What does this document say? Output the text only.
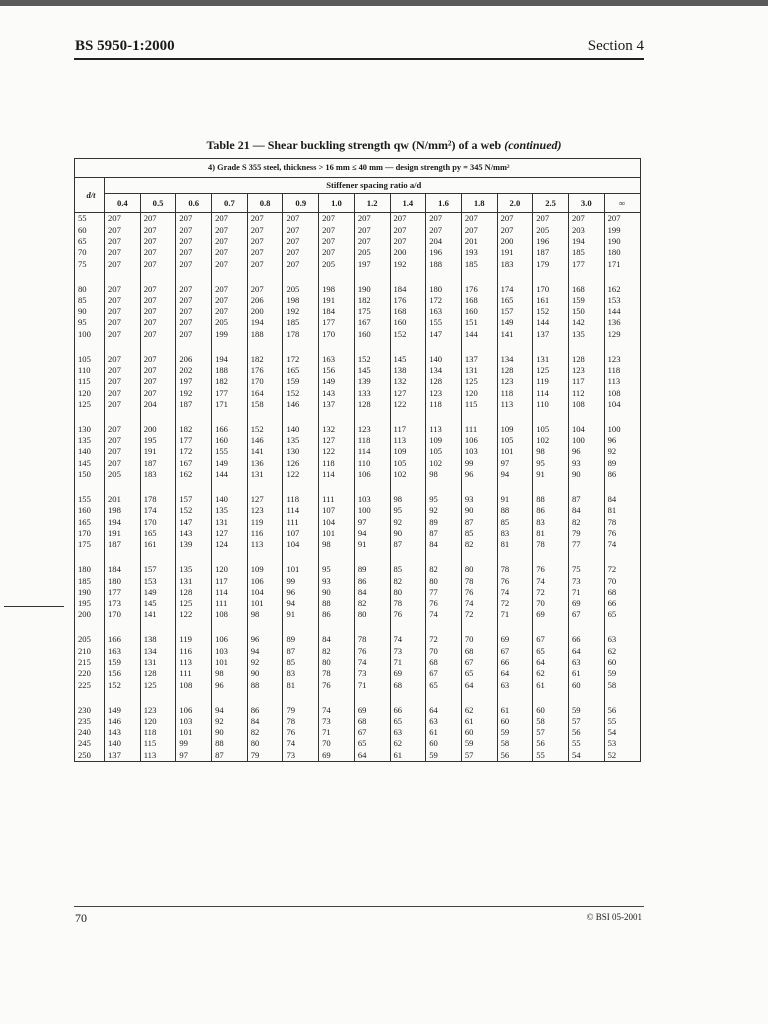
BS 5950-1:2000	Section 4
Table 21 — Shear buckling strength qw (N/mm²) of a web (continued)
4) Grade S 355 steel, thickness > 16 mm ≤ 40 mm — design strength py = 345 N/mm²															
d/t	Stiffener spacing ratio a/d														
	0.4	0.5	0.6	0.7	0.8	0.9	1.0	1.2	1.4	1.6	1.8	2.0	2.5	3.0	∞
55	207	207	207	207	207	207	207	207	207	207	207	207	207	207	207
60	207	207	207	207	207	207	207	207	207	207	207	207	205	203	199
65	207	207	207	207	207	207	207	207	207	204	201	200	196	194	190
70	207	207	207	207	207	207	207	205	200	196	193	191	187	185	180
75	207	207	207	207	207	207	205	197	192	188	185	183	179	177	171

80	207	207	207	207	207	205	198	190	184	180	176	174	170	168	162
85	207	207	207	207	206	198	191	182	176	172	168	165	161	159	153
90	207	207	207	207	200	192	184	175	168	163	160	157	152	150	144
95	207	207	207	205	194	185	177	167	160	155	151	149	144	142	136
100	207	207	207	199	188	178	170	160	152	147	144	141	137	135	129

105	207	207	206	194	182	172	163	152	145	140	137	134	131	128	123
110	207	207	202	188	176	165	156	145	138	134	131	128	125	123	118
115	207	207	197	182	170	159	149	139	132	128	125	123	119	117	113
120	207	207	192	177	164	152	143	133	127	123	120	118	114	112	108
125	207	204	187	171	158	146	137	128	122	118	115	113	110	108	104

130	207	200	182	166	152	140	132	123	117	113	111	109	105	104	100
135	207	195	177	160	146	135	127	118	113	109	106	105	102	100	96
140	207	191	172	155	141	130	122	114	109	105	103	101	98	96	92
145	207	187	167	149	136	126	118	110	105	102	99	97	95	93	89
150	205	183	162	144	131	122	114	106	102	98	96	94	91	90	86

155	201	178	157	140	127	118	111	103	98	95	93	91	88	87	84
160	198	174	152	135	123	114	107	100	95	92	90	88	86	84	81
165	194	170	147	131	119	111	104	97	92	89	87	85	83	82	78
170	191	165	143	127	116	107	101	94	90	87	85	83	81	79	76
175	187	161	139	124	113	104	98	91	87	84	82	81	78	77	74

180	184	157	135	120	109	101	95	89	85	82	80	78	76	75	72
185	180	153	131	117	106	99	93	86	82	80	78	76	74	73	70
190	177	149	128	114	104	96	90	84	80	77	76	74	72	71	68
195	173	145	125	111	101	94	88	82	78	76	74	72	70	69	66
200	170	141	122	108	98	91	86	80	76	74	72	71	69	67	65

205	166	138	119	106	96	89	84	78	74	72	70	69	67	66	63
210	163	134	116	103	94	87	82	76	73	70	68	67	65	64	62
215	159	131	113	101	92	85	80	74	71	68	67	66	64	63	60
220	156	128	111	98	90	83	78	73	69	67	65	64	62	61	59
225	152	125	108	96	88	81	76	71	68	65	64	63	61	60	58

230	149	123	106	94	86	79	74	69	66	64	62	61	60	59	56
235	146	120	103	92	84	78	73	68	65	63	61	60	58	57	55
240	143	118	101	90	82	76	71	67	63	61	60	59	57	56	54
245	140	115	99	88	80	74	70	65	62	60	59	58	56	55	53
250	137	113	97	87	79	73	69	64	61	59	57	56	55	54	52
70	© BSI 05-2001
